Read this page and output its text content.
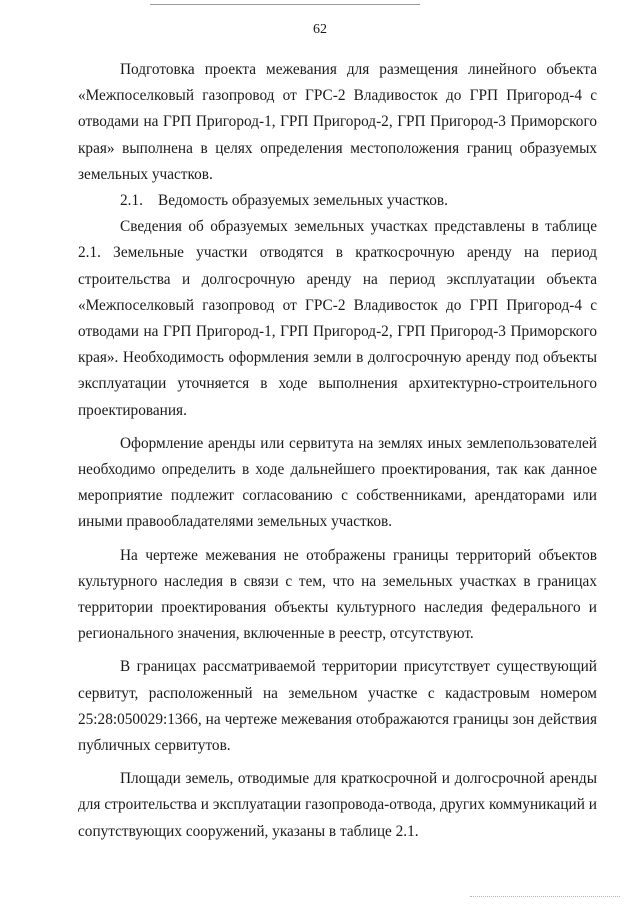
62

Подготовка проекта межевания для размещения линейного объекта «Межпоселковый газопровод от ГРС-2 Владивосток до ГРП Пригород-4 с отводами на ГРП Пригород-1, ГРП Пригород-2, ГРП Пригород-3 Приморского края» выполнена в целях определения местоположения границ образуемых земельных участков.

2.1. Ведомость образуемых земельных участков.

Сведения об образуемых земельных участках представлены в таблице 2.1. Земельные участки отводятся в краткосрочную аренду на период строительства и долгосрочную аренду на период эксплуатации объекта «Межпоселковый газопровод от ГРС-2 Владивосток до ГРП Пригород-4 с отводами на ГРП Пригород-1, ГРП Пригород-2, ГРП Пригород-3 Приморского края». Необходимость оформления земли в долгосрочную аренду под объекты эксплуатации уточняется в ходе выполнения архитектурно-строительного проектирования.

Оформление аренды или сервитута на землях иных землепользователей необходимо определить в ходе дальнейшего проектирования, так как данное мероприятие подлежит согласованию с собственниками, арендаторами или иными правообладателями земельных участков.

На чертеже межевания не отображены границы территорий объектов культурного наследия в связи с тем, что на земельных участках в границах территории проектирования объекты культурного наследия федерального и регионального значения, включенные в реестр, отсутствуют.

В границах рассматриваемой территории присутствует существующий сервитут, расположенный на земельном участке с кадастровым номером 25:28:050029:1366, на чертеже межевания отображаются границы зон действия публичных сервитутов.

Площади земель, отводимые для краткосрочной и долгосрочной аренды для строительства и эксплуатации газопровода-отвода, других коммуникаций и сопутствующих сооружений, указаны в таблице 2.1.
